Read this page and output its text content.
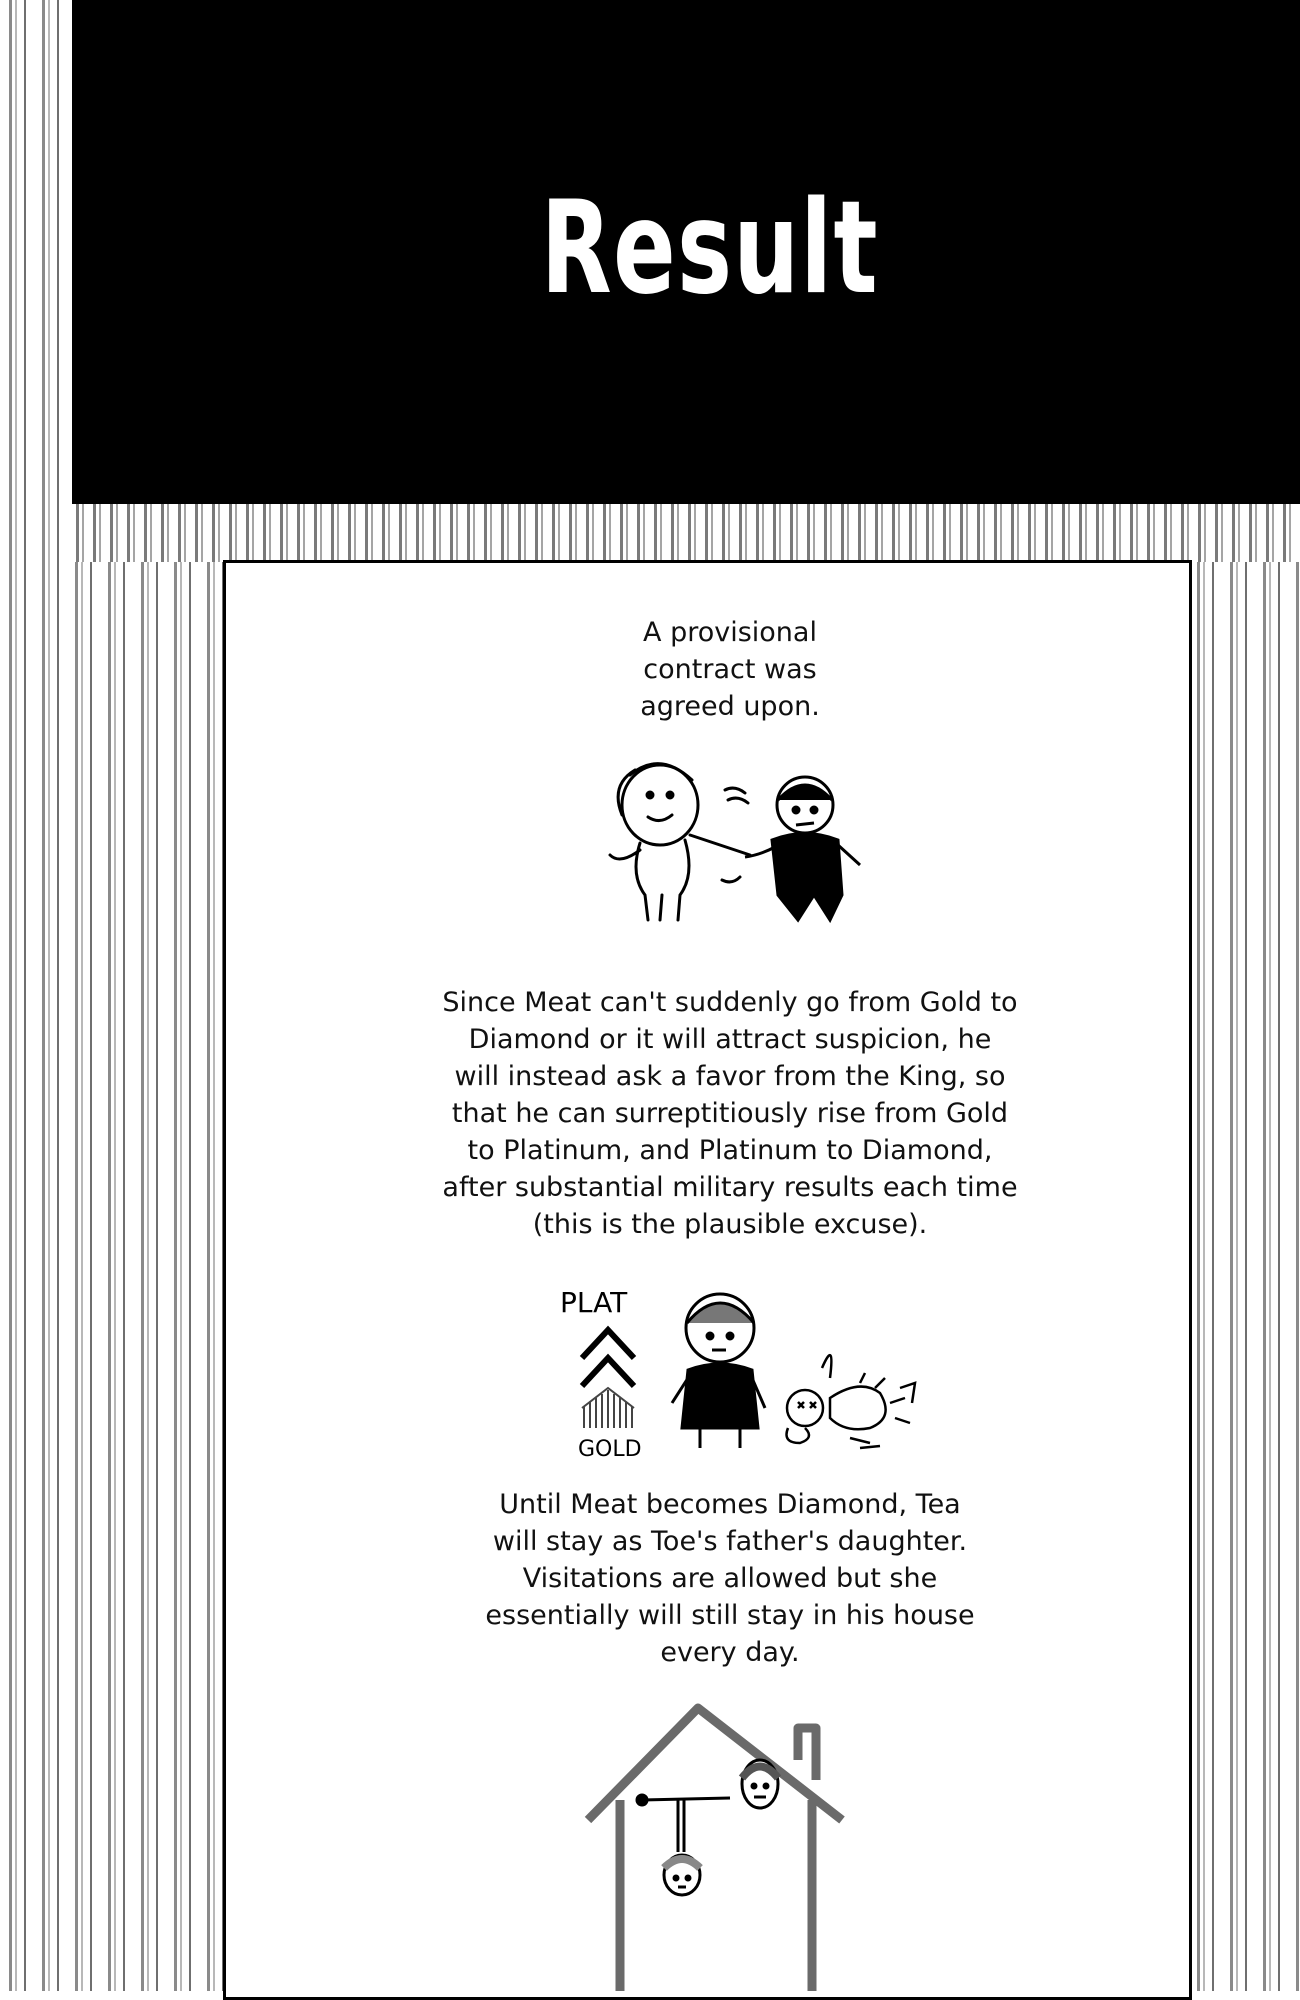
Result
A provisional
contract was
agreed upon.
Since Meat can't suddenly go from Gold to
Diamond or it will attract suspicion, he
will instead ask a favor from the King, so
that he can surreptitiously rise from Gold
to Platinum, and Platinum to Diamond,
after substantial military results each time
(this is the plausible excuse).
PLAT
GOLD
Until Meat becomes Diamond, Tea
will stay as Toe's father's daughter.
Visitations are allowed but she
essentially will still stay in his house
every day.
